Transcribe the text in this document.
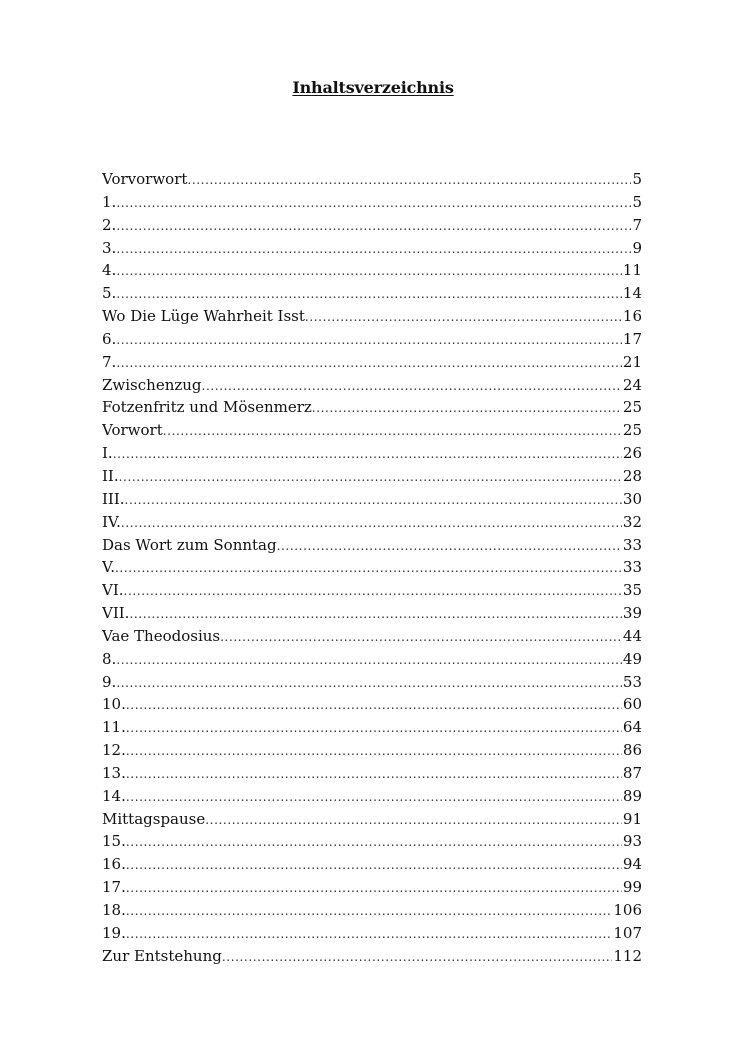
Inhaltsverzeichnis
Vorvorwort .....	5
1. .....	5
2. .....	7
3. .....	9
4. .....	11
5. .....	14
Wo Die Lüge Wahrheit Isst .....	16
6. .....	17
7. .....	21
Zwischenzug .....	24
Fotzenfritz und Mösenmerz .....	25
Vorwort .....	25
I. .....	26
II. .....	28
III. .....	30
IV. .....	32
Das Wort zum Sonntag .....	33
V. .....	33
VI. .....	35
VII. .....	39
Vae Theodosius .....	44
8. .....	49
9. .....	53
10. .....	60
11. .....	64
12. .....	86
13. .....	87
14. .....	89
Mittagspause .....	91
15. .....	93
16. .....	94
17. .....	99
18. .....	106
19. .....	107
Zur Entstehung .....	112
